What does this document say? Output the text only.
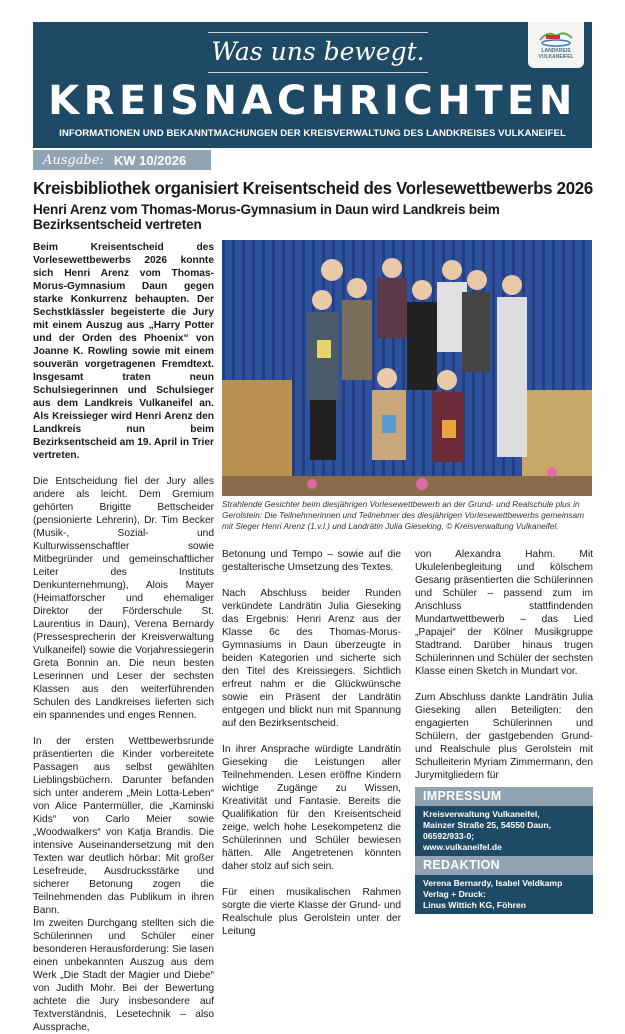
Was uns bewegt.
KREISNACHRICHTEN
INFORMATIONEN UND BEKANNTMACHUNGEN DER KREISVERWALTUNG DES LANDKREISES VULKANEIFEL
LANDKREIS
VULKANEIFEL
Ausgabe: KW 10/2026
Kreisbibliothek organisiert Kreisentscheid des Vorlesewettbewerbs 2026
Henri Arenz vom Thomas-Morus-Gymnasium in Daun wird Landkreis beim Bezirksentscheid vertreten

Beim Kreisentscheid des Vorlesewettbewerbs 2026 konnte sich Henri Arenz vom Thomas-Morus-Gymnasium Daun gegen starke Konkurrenz behaupten. Der Sechstklässler begeisterte die Jury mit einem Auszug aus „Harry Potter und der Orden des Phoenix“ von Joanne K. Rowling sowie mit einem souverän vorgetragenen Fremdtext. Insgesamt traten neun Schulsiegerinnen und Schulsieger aus dem Landkreis Vulkaneifel an. Als Kreissieger wird Henri Arenz den Landkreis nun beim Bezirksentscheid am 19. April in Trier vertreten.

Die Entscheidung fiel der Jury alles andere als leicht. Dem Gremium gehörten Brigitte Bettscheider (pensionierte Lehrerin), Dr. Tim Becker (Musik-, Sozial- und Kulturwissenschaftler sowie Mitbegründer und gemeinschaftlicher Leiter des Instituts Denkunternehmung), Alois Mayer (Heimatforscher und ehemaliger Direktor der Förderschule St. Laurentius in Daun), Verena Bernardy (Pressesprecherin der Kreisverwaltung Vulkaneifel) sowie die Vorjahressiegerin Greta Bonnin an. Die neun besten Leserinnen und Leser der sechsten Klassen aus den weiterführenden Schulen des Landkreises lieferten sich ein spannendes und enges Rennen.

In der ersten Wettbewerbsrunde präsentierten die Kinder vorbereitete Passagen aus selbst gewählten Lieblingsbüchern. Darunter befanden sich unter anderem „Mein Lotta-Leben“ von Alice Pantermüller, die „Kaminski Kids“ von Carlo Meier sowie „Woodwalkers“ von Katja Brandis. Die intensive Auseinandersetzung mit den Texten war deutlich hörbar: Mit großer Lesefreude, Ausdrucksstärke und sicherer Betonung zogen die Teilnehmenden das Publikum in ihren Bann.

Im zweiten Durchgang stellten sich die Schülerinnen und Schüler einer besonderen Herausforderung: Sie lasen einen unbekannten Auszug aus dem Werk „Die Stadt der Magier und Diebe“ von Judith Mohr. Bei der Bewertung achtete die Jury insbesondere auf Textverständnis, Lesetechnik – also Aussprache,

Strahlende Gesichter beim diesjährigen Vorlesewettbewerb an der Grund- und Realschule plus in Gerolstein: Die Teilnehmerinnen und Teilnehmer des diesjährigen Vorlesewettbewerbs gemeinsam mit Sieger Henri Arenz (1.v.l.) und Landrätin Julia Gieseking, © Kreisverwaltung Vulkaneifel.

Betonung und Tempo – sowie auf die gestalterische Umsetzung des Textes.

Nach Abschluss beider Runden verkündete Landrätin Julia Gieseking das Ergebnis: Henri Arenz aus der Klasse 6c des Thomas-Morus-Gymnasiums in Daun überzeugte in beiden Kategorien und sicherte sich den Titel des Kreissiegers. Sichtlich erfreut nahm er die Glückwünsche sowie ein Präsent der Landrätin entgegen und blickt nun mit Spannung auf den Bezirksentscheid.

In ihrer Ansprache würdigte Landrätin Gieseking die Leistungen aller Teilnehmenden. Lesen eröffne Kindern wichtige Zugänge zu Wissen, Kreativität und Fantasie. Bereits die Qualifikation für den Kreisentscheid zeige, welch hohe Lesekompetenz die Schülerinnen und Schüler bewiesen hätten. Alle Angetretenen könnten daher stolz auf sich sein.

Für einen musikalischen Rahmen sorgte die vierte Klasse der Grund- und Realschule plus Gerolstein unter der Leitung

von Alexandra Hahm. Mit Ukulelenbegleitung und kölschem Gesang präsentierten die Schülerinnen und Schüler – passend zum im Anschluss stattfindenden Mundartwettbewerb – das Lied „Papajei“ der Kölner Musikgruppe Stadtrand. Darüber hinaus trugen Schülerinnen und Schüler der sechsten Klasse einen Sketch in Mundart vor.

Zum Abschluss dankte Landrätin Julia Gieseking allen Beteiligten: den engagierten Schülerinnen und Schülern, der gastgebenden Grund- und Realschule plus Gerolstein mit Schulleiterin Myriam Zimmermann, den Jurymitgliedern für

IMPRESSUM
Kreisverwaltung Vulkaneifel,
Mainzer Straße 25, 54550 Daun,
06592/933-0;
www.vulkaneifel.de
REDAKTION
Verena Bernardy, Isabel Veldkamp
Verlag + Druck:
Linus Wittich KG, Föhren
